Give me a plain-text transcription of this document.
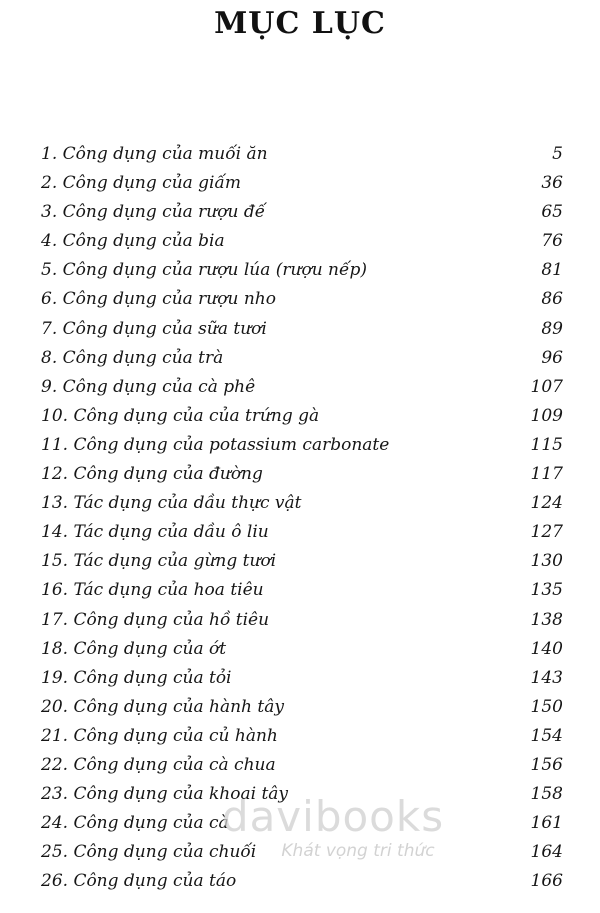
MỤC LỤC
1. Công dụng của muối ăn	5
2. Công dụng của giấm	36
3. Công dụng của rượu đế	65
4. Công dụng của bia	76
5. Công dụng của rượu lúa (rượu nếp)	81
6. Công dụng của rượu nho	86
7. Công dụng của sữa tươi	89
8. Công dụng của trà	96
9. Công dụng của cà phê	107
10. Công dụng của của trứng gà	109
11. Công dụng của potassium carbonate	115
12. Công dụng của đường	117
13. Tác dụng của dầu thực vật	124
14. Tác dụng của dầu ô liu	127
15. Tác dụng của gừng tươi	130
16. Tác dụng của hoa tiêu	135
17. Công dụng của hồ tiêu	138
18. Công dụng của ớt	140
19. Công dụng của tỏi	143
20. Công dụng của hành tây	150
21. Công dụng của củ hành	154
22. Công dụng của cà chua	156
23. Công dụng của khoai tây	158
24. Công dụng của cà	161
25. Công dụng của chuối	164
26. Công dụng của táo	166
davibooks
Khát vọng tri thức
